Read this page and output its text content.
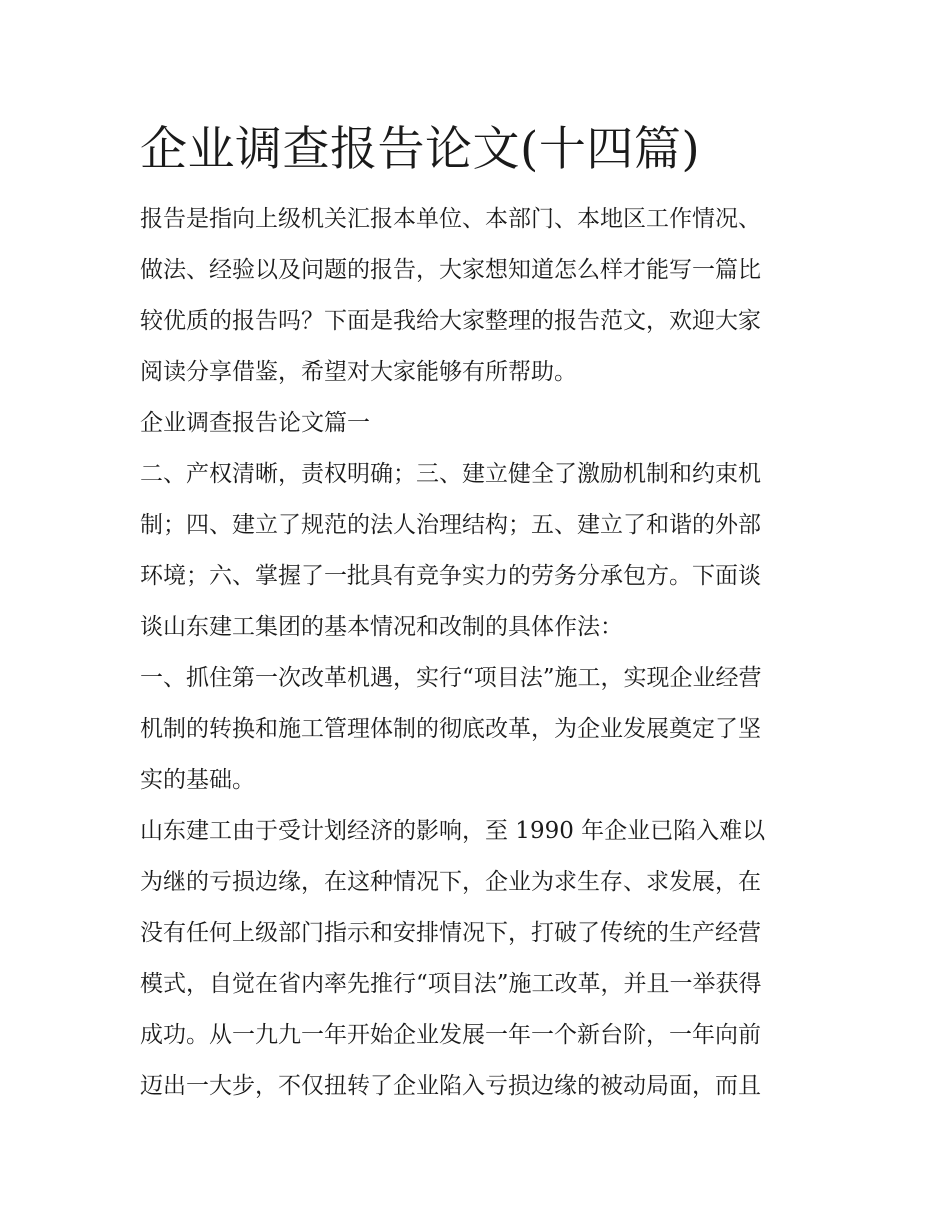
企业调查报告论文(十四篇)

报告是指向上级机关汇报本单位、本部门、本地区工作情况、

做法、经验以及问题的报告，大家想知道怎么样才能写一篇比

较优质的报告吗？下面是我给大家整理的报告范文，欢迎大家

阅读分享借鉴，希望对大家能够有所帮助。

企业调查报告论文篇一

二、产权清晰，责权明确；三、建立健全了激励机制和约束机

制；四、建立了规范的法人治理结构；五、建立了和谐的外部

环境；六、掌握了一批具有竞争实力的劳务分承包方。下面谈

谈山东建工集团的基本情况和改制的具体作法：

一、抓住第一次改革机遇，实行“项目法”施工，实现企业经营

机制的转换和施工管理体制的彻底改革，为企业发展奠定了坚

实的基础。

山东建工由于受计划经济的影响，至 1990 年企业已陷入难以

为继的亏损边缘，在这种情况下，企业为求生存、求发展，在

没有任何上级部门指示和安排情况下，打破了传统的生产经营

模式，自觉在省内率先推行“项目法”施工改革，并且一举获得

成功。从一九九一年开始企业发展一年一个新台阶，一年向前

迈出一大步，不仅扭转了企业陷入亏损边缘的被动局面，而且
